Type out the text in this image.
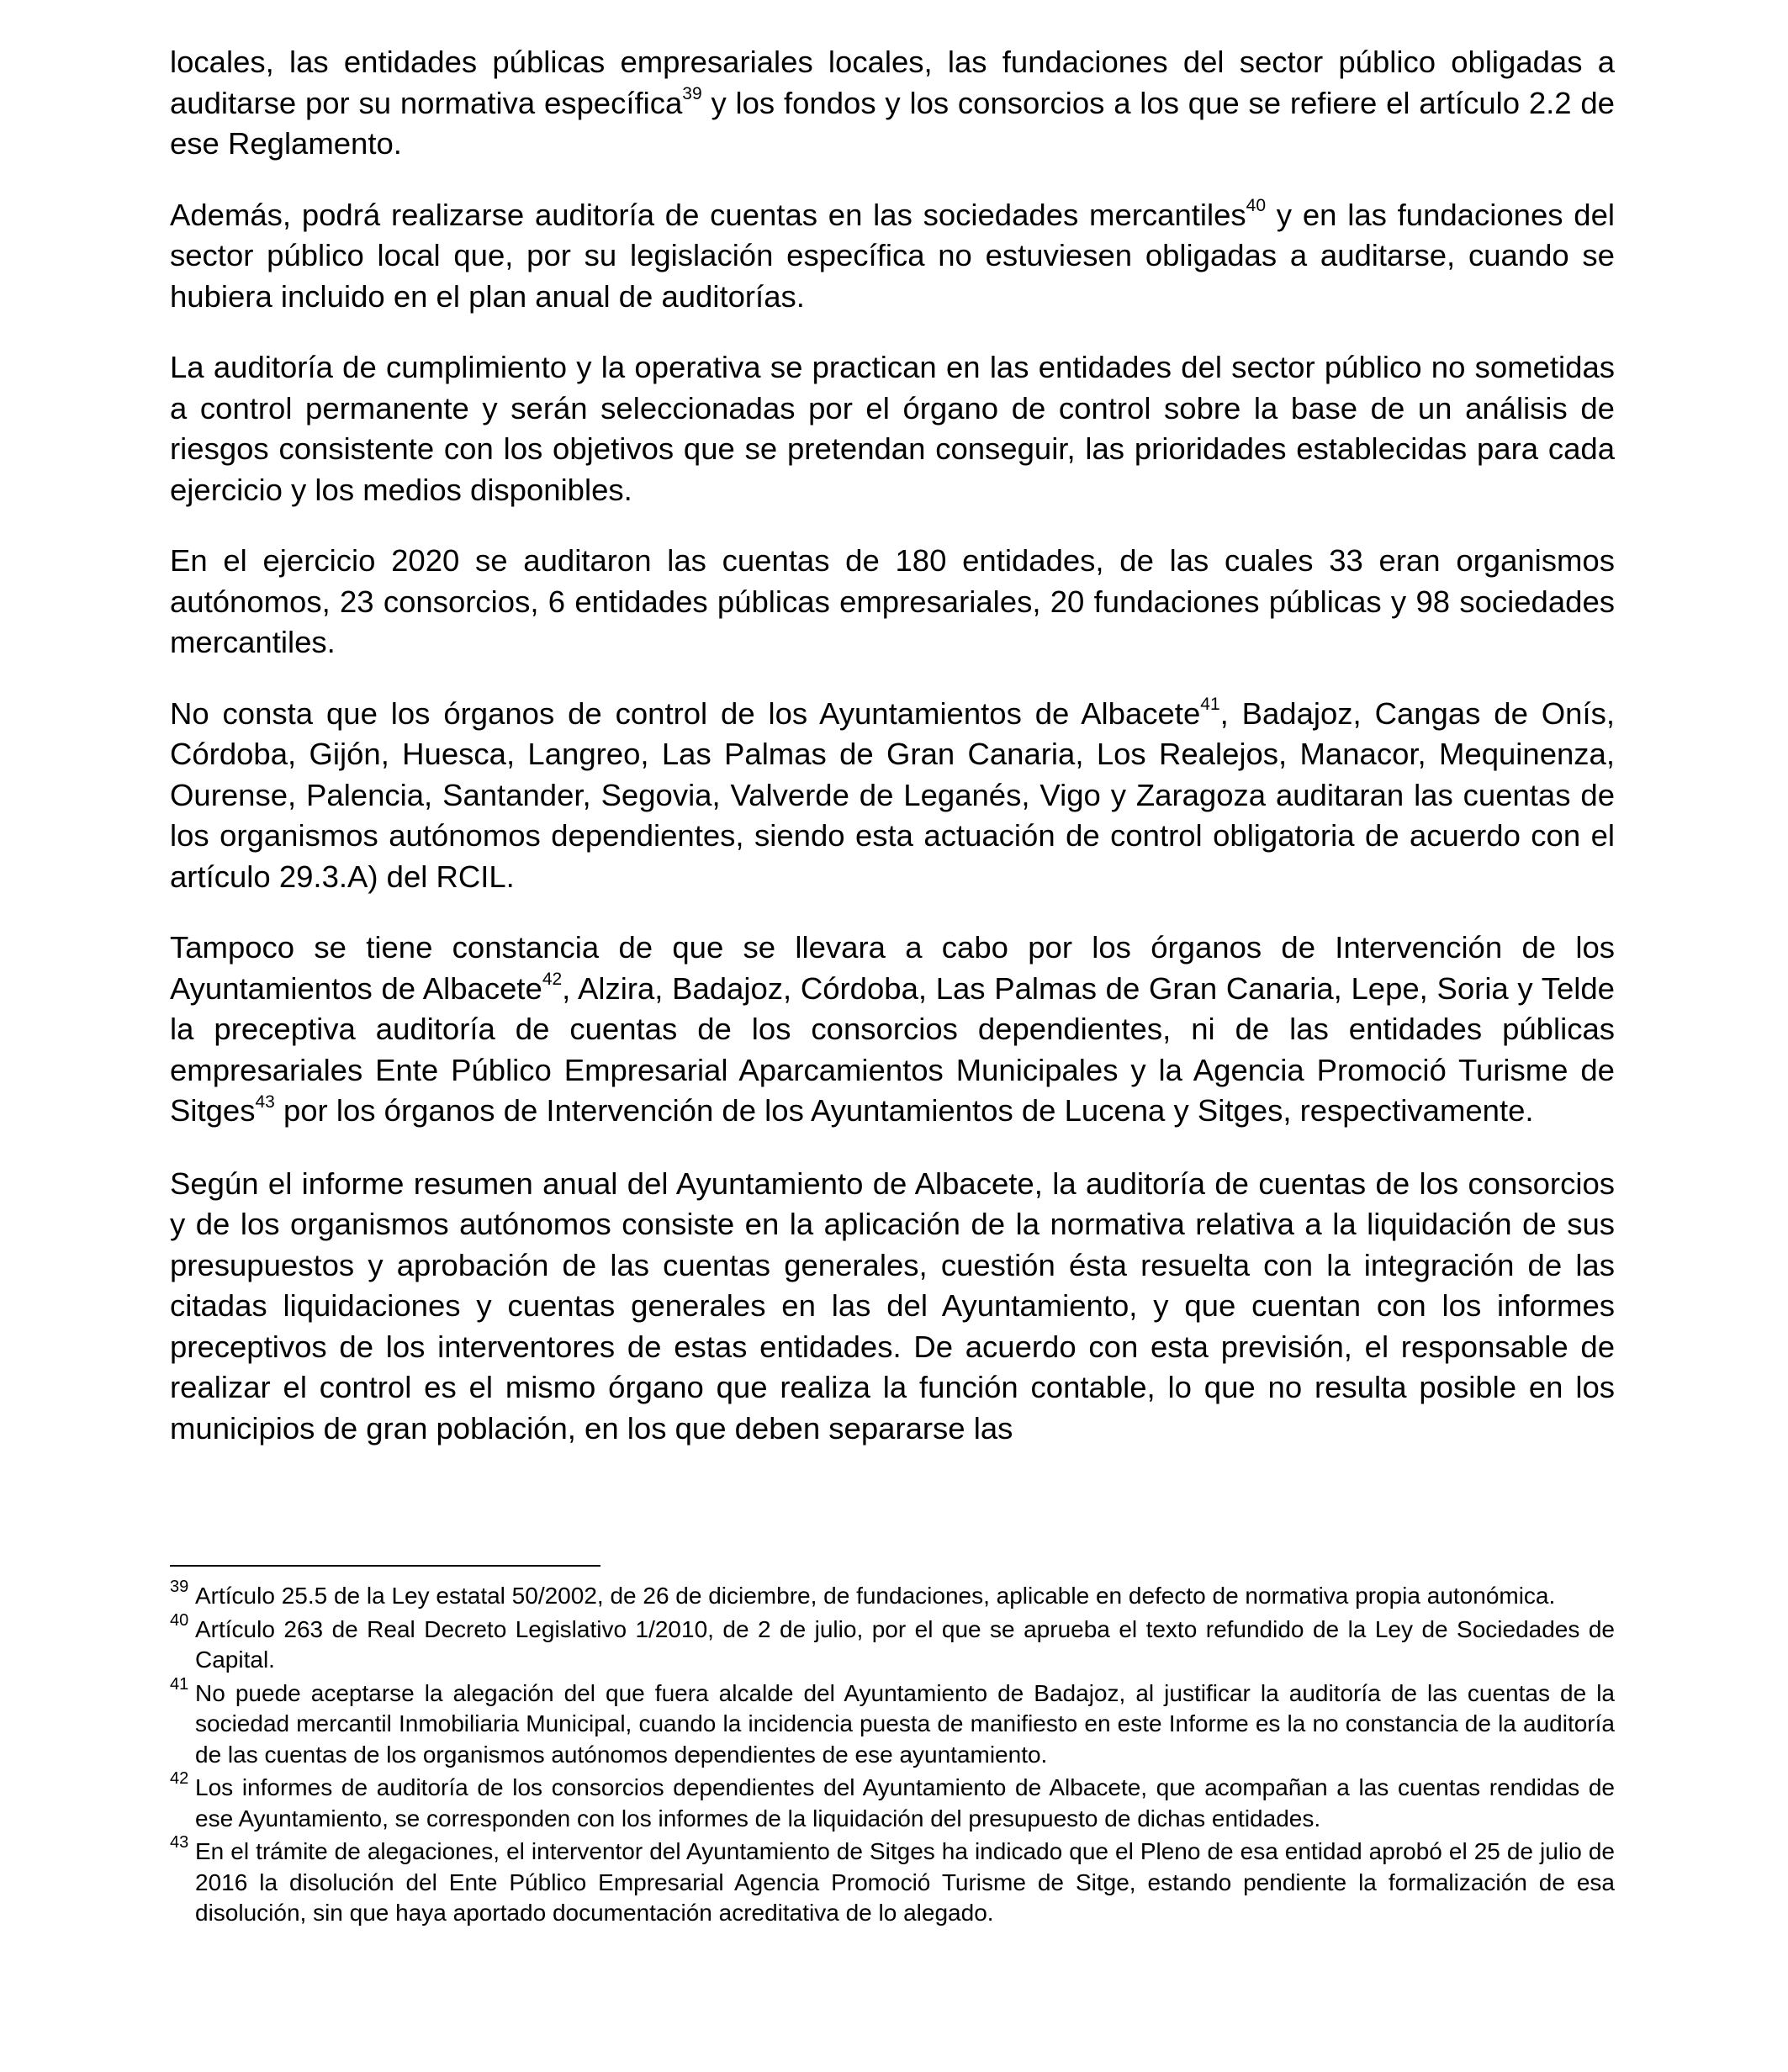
locales, las entidades públicas empresariales locales, las fundaciones del sector público obligadas a auditarse por su normativa específica$^{39}$ y los fondos y los consorcios a los que se refiere el artículo 2.2 de ese Reglamento.

Además, podrá realizarse auditoría de cuentas en las sociedades mercantiles$^{40}$ y en las fundaciones del sector público local que, por su legislación específica no estuviesen obligadas a auditarse, cuando se hubiera incluido en el plan anual de auditorías.

La auditoría de cumplimiento y la operativa se practican en las entidades del sector público no sometidas a control permanente y serán seleccionadas por el órgano de control sobre la base de un análisis de riesgos consistente con los objetivos que se pretendan conseguir, las prioridades establecidas para cada ejercicio y los medios disponibles.

En el ejercicio 2020 se auditaron las cuentas de 180 entidades, de las cuales 33 eran organismos autónomos, 23 consorcios, 6 entidades públicas empresariales, 20 fundaciones públicas y 98 sociedades mercantiles.

No consta que los órganos de control de los Ayuntamientos de Albacete$^{41}$, Badajoz, Cangas de Onís, Córdoba, Gijón, Huesca, Langreo, Las Palmas de Gran Canaria, Los Realejos, Manacor, Mequinenza, Ourense, Palencia, Santander, Segovia, Valverde de Leganés, Vigo y Zaragoza auditaran las cuentas de los organismos autónomos dependientes, siendo esta actuación de control obligatoria de acuerdo con el artículo 29.3.A) del RCIL.

Tampoco se tiene constancia de que se llevara a cabo por los órganos de Intervención de los Ayuntamientos de Albacete$^{42}$, Alzira, Badajoz, Córdoba, Las Palmas de Gran Canaria, Lepe, Soria y Telde la preceptiva auditoría de cuentas de los consorcios dependientes, ni de las entidades públicas empresariales Ente Público Empresarial Aparcamientos Municipales y la Agencia Promoció Turisme de Sitges$^{43}$ por los órganos de Intervención de los Ayuntamientos de Lucena y Sitges, respectivamente.

Según el informe resumen anual del Ayuntamiento de Albacete, la auditoría de cuentas de los consorcios y de los organismos autónomos consiste en la aplicación de la normativa relativa a la liquidación de sus presupuestos y aprobación de las cuentas generales, cuestión ésta resuelta con la integración de las citadas liquidaciones y cuentas generales en las del Ayuntamiento, y que cuentan con los informes preceptivos de los interventores de estas entidades. De acuerdo con esta previsión, el responsable de realizar el control es el mismo órgano que realiza la función contable, lo que no resulta posible en los municipios de gran población, en los que deben separarse las

39 Artículo 25.5 de la Ley estatal 50/2002, de 26 de diciembre, de fundaciones, aplicable en defecto de normativa propia autonómica.
40 Artículo 263 de Real Decreto Legislativo 1/2010, de 2 de julio, por el que se aprueba el texto refundido de la Ley de Sociedades de Capital.
41 No puede aceptarse la alegación del que fuera alcalde del Ayuntamiento de Badajoz, al justificar la auditoría de las cuentas de la sociedad mercantil Inmobiliaria Municipal, cuando la incidencia puesta de manifiesto en este Informe es la no constancia de la auditoría de las cuentas de los organismos autónomos dependientes de ese ayuntamiento.
42 Los informes de auditoría de los consorcios dependientes del Ayuntamiento de Albacete, que acompañan a las cuentas rendidas de ese Ayuntamiento, se corresponden con los informes de la liquidación del presupuesto de dichas entidades.
43 En el trámite de alegaciones, el interventor del Ayuntamiento de Sitges ha indicado que el Pleno de esa entidad aprobó el 25 de julio de 2016 la disolución del Ente Público Empresarial Agencia Promoció Turisme de Sitge, estando pendiente la formalización de esa disolución, sin que haya aportado documentación acreditativa de lo alegado.
